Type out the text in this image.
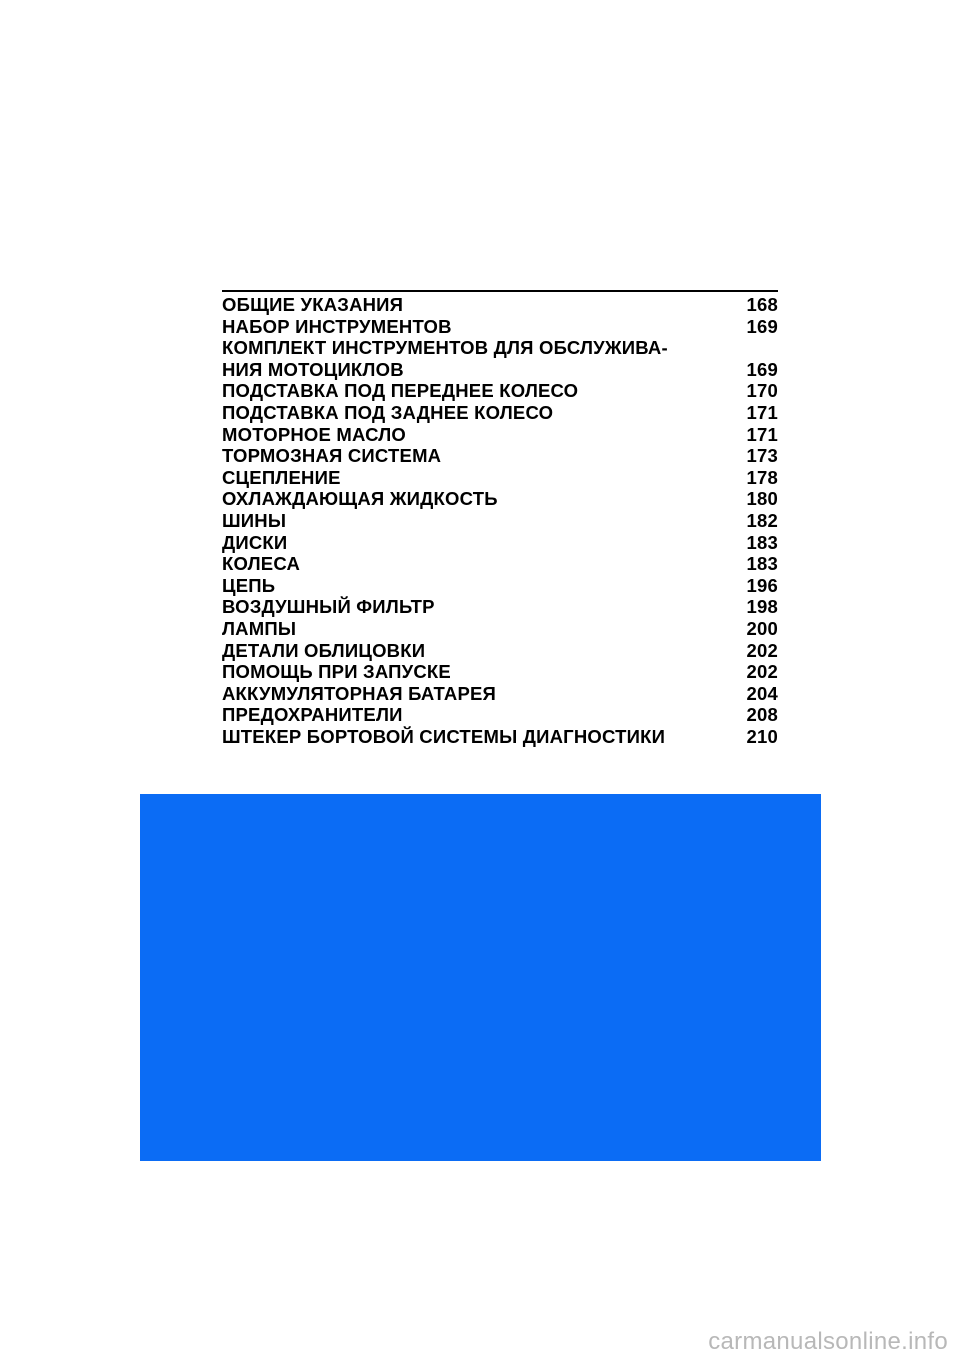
ОБЩИЕ УКАЗАНИЯ	168
НАБОР ИНСТРУМЕНТОВ	169
КОМПЛЕКТ ИНСТРУМЕНТОВ ДЛЯ ОБСЛУЖИВА-
НИЯ МОТОЦИКЛОВ	169
ПОДСТАВКА ПОД ПЕРЕДНЕЕ КОЛЕСО	170
ПОДСТАВКА ПОД ЗАДНЕЕ КОЛЕСО	171
МОТОРНОЕ МАСЛО	171
ТОРМОЗНАЯ СИСТЕМА	173
СЦЕПЛЕНИЕ	178
ОХЛАЖДАЮЩАЯ ЖИДКОСТЬ	180
ШИНЫ	182
ДИСКИ	183
КОЛЕСА	183
ЦЕПЬ	196
ВОЗДУШНЫЙ ФИЛЬТР	198
ЛАМПЫ	200
ДЕТАЛИ ОБЛИЦОВКИ	202
ПОМОЩЬ ПРИ ЗАПУСКЕ	202
АККУМУЛЯТОРНАЯ БАТАРЕЯ	204
ПРЕДОХРАНИТЕЛИ	208
ШТЕКЕР БОРТОВОЙ СИСТЕМЫ ДИАГНОСТИКИ	210
carmanualsonline.info
